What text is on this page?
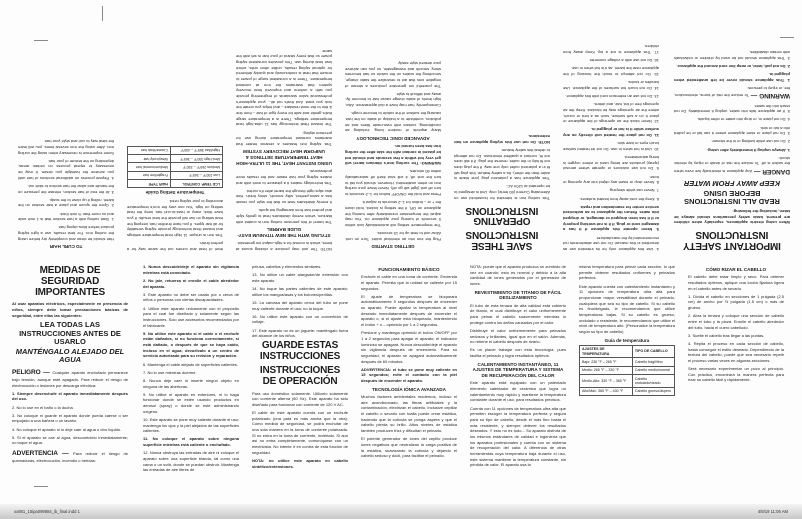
IMPORTANT SAFETY INSTRUCTIONS

When using electric appliances, especially when children are present, basic safety precautions should always be taken, including the following:

READ ALL INSTRUCTIONS BEFORE USING
KEEP AWAY FROM WATER

DANGER — Any appliance is electrically live even when the switch is off. To reduce the risk of death or injury by electric shock:

1. Always unplug it immediately after using.

2. Do not use while bathing or in the shower.

3. Do not place or store appliance where it can fall or be pulled into a tub or sink.

4. Do not place in, or drop into water or other liquids.

5. If an appliance falls into water, unplug it immediately. Do not reach into the water.

WARNING — To reduce the risk of burns, electrocution, fire, or injury to persons:

1. This appliance should never be left unattended when plugged in.

2. Do not pull, twist, or wrap line cord around the appliance.

3. This appliance should not be used by children or individuals with certain disabilities.

4. Use this appliance only for its intended use as described in this manual. Do not use attachments not recommended by the manufacturer.

5. Never operate this appliance if it has a damaged cord or plug, if it is not working properly or if it has been dropped or damaged, or dropped into water. Return the appliance to an authorized service center for examination and repair.

6. Keep the cord away from heated surfaces.

7. Never use while sleeping.

8. Never drop or insert any object into any opening or hose.

9. Do not use outdoors or operate where aerosol (spray) products are being used or where oxygen is being administered.

10. Unit is hot when in use. Do not let heated surface touch eyes or bare skin.

11. Do not place the heated unit directly on any surface while it is hot or plugged in.

12. Never block the air openings of the appliance or place it on a soft surface, such as a bed or couch, where the air openings may be blocked. Keep the air openings free of lint, hair, and debris.

13. Do not use an extension cord with this appliance.

14. Do not touch hot surfaces of the appliance. Use handles or knobs.

15. Do not attempt to touch the housing of the appliance near the barrel, as it is hot when in use.

16. Do not use with a voltage converter.

17. This appliance is not a toy. Keep away from children.

SAVE THESE INSTRUCTIONS
OPERATING INSTRUCTIONS

This curling iron is intended for household use on Alternating Current (60 hertz) only. Unit is designed to be operated at 120V AC.

This appliance has a polarized plug (one blade is wider than the other). As a safety feature, this plug will fit in a polarized outlet only one way. If the plug does not fit fully in the outlet, reverse the plug. If it still does not fit, contact a qualified electrician. Do not attempt to defeat this safety feature.

NOTE: Do not use this styling appliance on hair extensions.

GETTING STARTED

Plug the iron into an electrical outlet. Turn on unit. Allow unit to heat up for 15 seconds.

The temperature setting will automatically lock within 5 seconds of turning your appliance on. You may adjust the temperature immediately after turning the appliance on OR, if the setting is locked, hold down the + or – button for 1–2 seconds to adjust it.

Press and hold the ON/OFF button for 1–2 seconds to turn off unit (light will go off). Never leave your curling iron on when unattended. However, should you fail to turn the unit off, it will shut itself off automatically within 60 minutes.

WARNING: The curling iron's titanium barrel will get very hot within a few seconds and should not be placed in contact with the skin after the curling iron has been turned on.

ADVANCED IONIC TECHNOLOGY

Many aspects of modern living, including air conditioning, contact with man-made fibers and air pollution, contribute to a buildup of static on the hair, causing the surface of the cuticle to become rough.

Consequently, hair may have a dull appearance. Also, high levels of static charge cause hair to become fly-away and difficult to style.

The powerful ion generator produces a stream of negative ions that act to neutralize the static charge, smoothing the scales on the cuticle so hair becomes shiny, smooth and manageable, so you can achieve your desired style easily.

NOTE: The unit may produce a clicking sound at times, which is normal for a high-output ion generator.

STYLING WITH THE NEW TITANIUM EASY-GLIDE BARREL

The barrel of this premium curling iron is coated with titanium, which evenly distributes heat to gently style and protect hair from damaging hot spots.

It evenly distributes heat so that the style you create has a salon-perfect, silky smooth, shiny finish. Hair also slips right through the barrel after it's curled.

This technology makes it a pleasure to work with and makes styling your hair easier and the results more professional.

USING INSTANT HEAT, THE 11 ULTRA-HIGH HEAT TEMPERATURE SETTINGS & UNIFORM HEAT RECOVERY SYSTEM

This styling iron features a ceramic heater that maintains constant temperature during use for precision styling.

The Instant Heat technology has 11 ultra-high heat temperature settings. There is a temperature range that's gentle and safe for every type of hair – from fine & thin to the most resistant – and helps you create the look you want. And that's not all... your appliance's professional salon standards of engineering provide you with a uniform and improved heat recovery system that maintains the iron at constant temperature. There is a consistent surge of power to ensure that heat is continuously and quickly delivered for optimal styling results, unlike other units, which lose heat during use. This provides consistent styling power so that every strand of your hair is set with the same

level of heat and comes out the same way for a perfect finish.

This iron is unique: 11 high heat temperature settings and Instant Heat technology provide styling versatility for all hair types. If you have fine/thin hair, keeping the heat setting on low will provide the best results. If you have thick, wavy or hard-to-curl hair, keep the heat setting on high. You can vary the iron's temperature according to your styling need.

Temperature Setting Guide
LCD TEMP. CONTROL	HAIR TYPE
Low 230°F – 265°F	Fragile/fine hair
Medium 265°F – 330°F	Medium/normal hair
Med-High 330°F – 365°F	Wavy/curly hair
High/Max 365°F – 430°F	Coarse/thick hair
TO CURL HAIR

Hair should be clean and completely dry before using the curling iron. For best results, use a light styling product before blow-drying hair.

1. Start curling with a hair section that is 1 inch wide and no more than ½ inch thick.

2. Open the spoon and place a hair section on the barrel, rolling it up close to the scalp.

3. At the end of hair section, release the pressure on the handle and allow the hair section to slide out.

4. Repeat process on additional sections of hair until you achieve the hairstyle you desire. It may be necessary to repeat process on certain areas, depending on the texture of your hair.

Some experience is necessary when using the curling iron. After using the iron several times, you will learn the ideal way to curl and style your hair.

MEDIDAS DE SEGURIDAD IMPORTANTES

Al usar aparatos eléctricos, especialmente en presencia de niños, siempre debe tomar precauciones básicas de seguridad, entre ellas las siguientes:

LEA TODAS LAS INSTRUCCIONES ANTES DE USARLO
MANTÉNGALO ALEJADO DEL AGUA

PELIGRO — Cualquier aparato enchufado permanece bajo tensión, aunque esté apagado. Para reducir el riesgo de electrocución o lesiones por descarga eléctrica:

1. Siempre desenchufe el aparato inmediatamente después del uso.

2. No lo use en el baño o la ducha.

3. No coloque ni guarde el aparato donde pueda caerse o ser empujado a una bañera o un lavabo.

4. No coloque el aparato ni lo deje caer al agua u otro líquido.

5. Si el aparato se cae al agua, desconéctelo inmediatamente; no toque el agua.

ADVERTENCIA — Para reducir el riesgo de quemaduras, electrocución, incendio o heridas:

1. Nunca descuide/deje el aparato sin vigilancia mientras está conectado.

2. No jale, retuerza ni enrolle el cable alrededor del aparato.

3. Este aparato no debe ser usado por o cerca de niños o personas con ciertas discapacidades.

4. Utilice este aparato únicamente con el propósito para el cual fue diseñado y solamente según las instrucciones. Solo use accesorios recomendados por el fabricante.

5. No utilice este aparato si el cable o el enchufe están dañados, si no funciona correctamente, si está dañado, o después de que se haya caído, incluso en el agua; devuélvalo a un centro de servicio autorizado para su revisión y reparación.

6. Mantenga el cable alejado de superficies calientes.

7. No lo use mientras duerme.

8. Nunca deje caer ni inserte ningún objeto en ninguna de las aberturas.

9. No utilice el aparato en exteriores, ni lo haga funcionar donde se estén usando productos en aerosol (spray) o donde se esté administrando oxígeno.

10. Este aparato se pone muy caliente durante el uso; mantenga los ojos y la piel alejados de las superficies calientes.

11. No coloque el aparato sobre ninguna superficie mientras está caliente o enchufado.

12. Nunca obstruya las entradas de aire ni coloque el aparato sobre una superficie blanda, tal como una cama o un sofá, donde se puedan obstruir. Mantenga las entradas de aire libres de

pelusa, cabellos y elementos similares.

13. No utilice un cable alargador/de extensión con este aparato.

14. No toque las partes calientes de este aparato; utilice los mangos/asas y los botones/perillas.

15. La carcasa del aparato cerca del tubo se pone muy caliente durante el uso; no la toque.

16. No utilice este aparato con un convertidor de voltaje.

17. Este aparato no es un juguete; manténgalo fuera del alcance de los niños.

GUARDE ESTAS INSTRUCCIONES
INSTRUCCIONES DE OPERACIÓN

Para uso doméstico solamente. Utilícelo solamente con corriente alterna (60 Hz). Este aparato ha sido diseñado para funcionar con corriente de 120 V AC.

El cable de este aparato cuenta con un enchufe polarizado (una pata es más ancha que la otra). Como medida de seguridad, se podrá enchufar de una sola manera en la toma de corriente polarizada. Si no entra en la toma de corriente, inviértalo. Si aun así no entra completamente, comuníquese con un electricista. No intente ir en contra de esta función de seguridad.

NOTA: no utilice este aparato en cabello sintético/extensiones.

FUNCIONAMIENTO BÁSICO

Enchufe el cable en una toma de corriente. Encienda el aparato. Permita que la unidad se caliente por 15 segundos.

El ajuste de temperatura se bloqueará automáticamente 5 segundos después de encender su aparato. Puede ajustar la temperatura al nivel deseado inmediatamente después de encender el aparato o, si el ajuste está bloqueado, manteniendo el botón + o – oprimido por 1 a 2 segundos.

Presione y mantenga oprimido el botón ON/OFF por 1 a 2 segundos para apagar el aparato; el indicador luminoso se apagará. Nunca descuide/deje el aparato sin vigilancia después de encenderlo. Para su seguridad, el aparato se apagará automáticamente después de 60 minutos.

ADVERTENCIA: el tubo se pone muy caliente en 15 segundos; evite el contacto con la piel después de encender el aparato.

TECNOLOGÍA IÓNICA AVANZADA

Muchos factores ambientales modernos, incluso el aire acondicionado, las fibras artificiales y la contaminación, electrizan el cabello. Inclusive cepillar el cabello o secarlo con toalla puede crear estática, haciendo que la cutícula se ponga áspera y que el cabello pierda su brillo. Altos niveles de estática también producen frizz y dificultan el peinado.

El potente generador de iones del cepillo produce iones negativos que neutralizan la carga positiva de la estática, suavizando la cutícula y dejando el cabello sedoso y dócil, para facilitar el peinado.

NOTA: puede que el aparato produzca un zumbido de vez en cuando; esto es normal y debido a la alta cantidad de iones generados por el generador de iones.

REVESTIMIENTO DE TITANIO DE FÁCIL DESLIZAMIENTO

El tubo de esta tenaza de alta calidad está cubierto de titanio, el cual distribuye el calor uniformemente para peinar el cabello suavemente mientras lo protege contra los daños causados por el calor.

Distribuye el calor uniformemente para peinados sedosos y brillantes, igual que en el salón. Además, no retiene el cabello después de rizarlo.

Es un placer trabajar con esta tecnología, pues facilita el peinado y logra resultados óptimos.

CALENTAMIENTO INSTANTÁNEO, 11 AJUSTES DE TEMPERATURA Y SISTEMA DE RECUPERACIÓN DEL CALOR

Este aparato está equipado con un patentado elemento calentador de cerámica que logra un calentamiento muy rápido y mantiene la temperatura constante durante el uso, para resultados precisos.

Cuenta con 11 opciones de temperatura ultra alta que permiten escoger la temperatura perfecta y segura para su tipo de cabello, desde el más fino hasta el más resistente, y siempre obtener los resultados deseados. Y esto no es todo... Su aparato disfruta de los mismos estándares de calidad e ingeniería que los aparatos profesionales y cuenta con un sistema de recuperación del calor. A diferencia de otras herramientas cuya temperatura baja durante el uso, este sistema mantiene la temperatura constante, sin pérdida de calor. El aparato usa la

misma temperatura para peinar cada sección, lo que permite obtener resultados uniformes y peinados perfectos.

Este aparato cuenta con calentamiento instantáneo y 11 opciones de temperatura ultra alta para proporcionar mayor versatilidad durante el peinado, cualquiera que sea su tipo de cabello. Si su cabello es fino/delgado, le recomendamos que utilice temperaturas bajas. Si su cabello es grueso, ondulado o resistente, le recomendamos que utilice el nivel de temperatura alto. (Personalice la temperatura según su tipo de cabello)

Guía de temperatura
AJUSTES DE TEMPERATURA	TIPO DE CABELLO
Bajo: 230 °F – 265 °F	Cabello frágil/fino
Medio: 265 °F – 330 °F	Cabello medio/normal
Medio-Alto: 330 °F – 365 °F	Cabello ondulado/rizado
Alto/Máx: 365 °F – 430 °F	Cabello grueso/áspero
CÓMO RIZAR EL CABELLO

El cabello debe estar limpio y seco. Para obtener resultados óptimos, aplique una loción fijadora ligera en el cabello antes de secarlo.

1. Divida el cabello en secciones de 1 pulgada (2.5 cm) de ancho por ½ pulgada (1.5 cm) o más de grueso.

2. Abra la tenaza y coloque una sección de cabello entre el tubo y la pinza. Enrolle el cabello alrededor del tubo, hacia el cuero cabelludo.

3. Suelte el cabello tras llegar a las puntas.

4. Repita el proceso en cada sección de cabello, hasta conseguir el estilo deseado. Dependiendo de la textura del cabello, puede que sea necesario repetir el proceso varias veces en algunas secciones.

Será necesario experimentar un poco al principio. Con práctica, encontrará la manera perfecta para rizar su cabello fácil y rápidamente.

xx881_15ipa099884_ib_final.indd 1	4/9/19 11:06 AM
